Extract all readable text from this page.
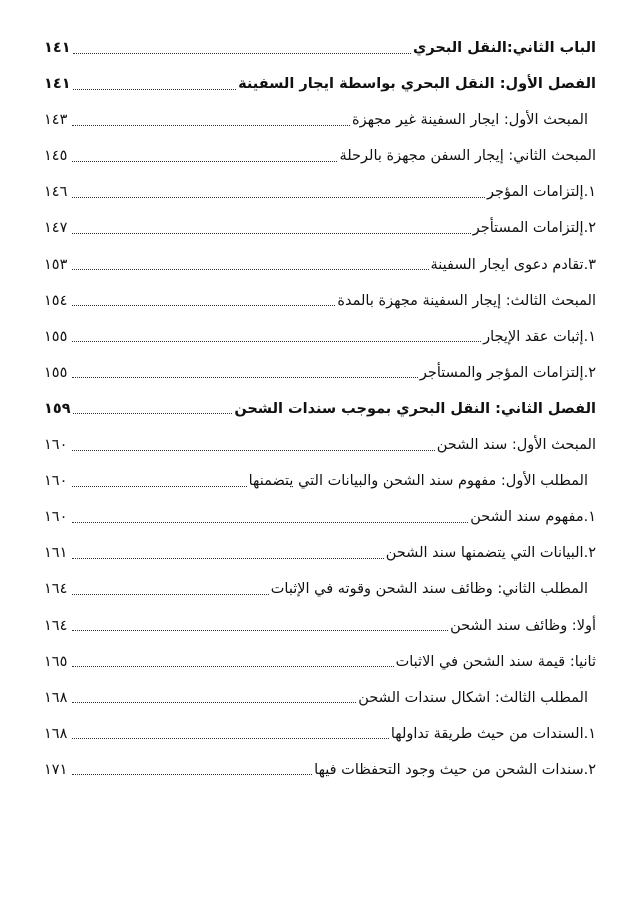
الباب الثاني:النقل البحري
١٤١
الفصل الأول: النقل البحري بواسطة ايجار السفينة
١٤١
المبحث الأول: ايجار السفينة غير مجهزة
١٤٣
المبحث الثاني: إيجار السفن مجهزة بالرحلة
١٤٥
١.إلتزامات المؤجر
١٤٦
٢.إلتزامات المستأجر
١٤٧
٣.تقادم دعوى ايجار السفينة
١٥٣
المبحث الثالث: إيجار السفينة مجهزة بالمدة
١٥٤
١.إثبات عقد الإيجار
١٥٥
٢.إلتزامات المؤجر والمستأجر
١٥٥
الفصل الثاني: النقل البحري بموجب سندات الشحن
١٥٩
المبحث الأول: سند الشحن
١٦٠
المطلب الأول: مفهوم سند الشحن والبيانات التي يتضمنها
١٦٠
١.مفهوم سند الشحن
١٦٠
٢.البيانات التي يتضمنها سند الشحن
١٦١
المطلب الثاني: وظائف سند الشحن وقوته في الإثبات
١٦٤
أولا: وظائف سند الشحن
١٦٤
ثانيا: قيمة سند الشحن في الاثبات
١٦٥
المطلب الثالث: اشكال سندات الشحن
١٦٨
١.السندات من حيث طريقة تداولها
١٦٨
٢.سندات الشحن من حيث وجود التحفظات فيها
١٧١
